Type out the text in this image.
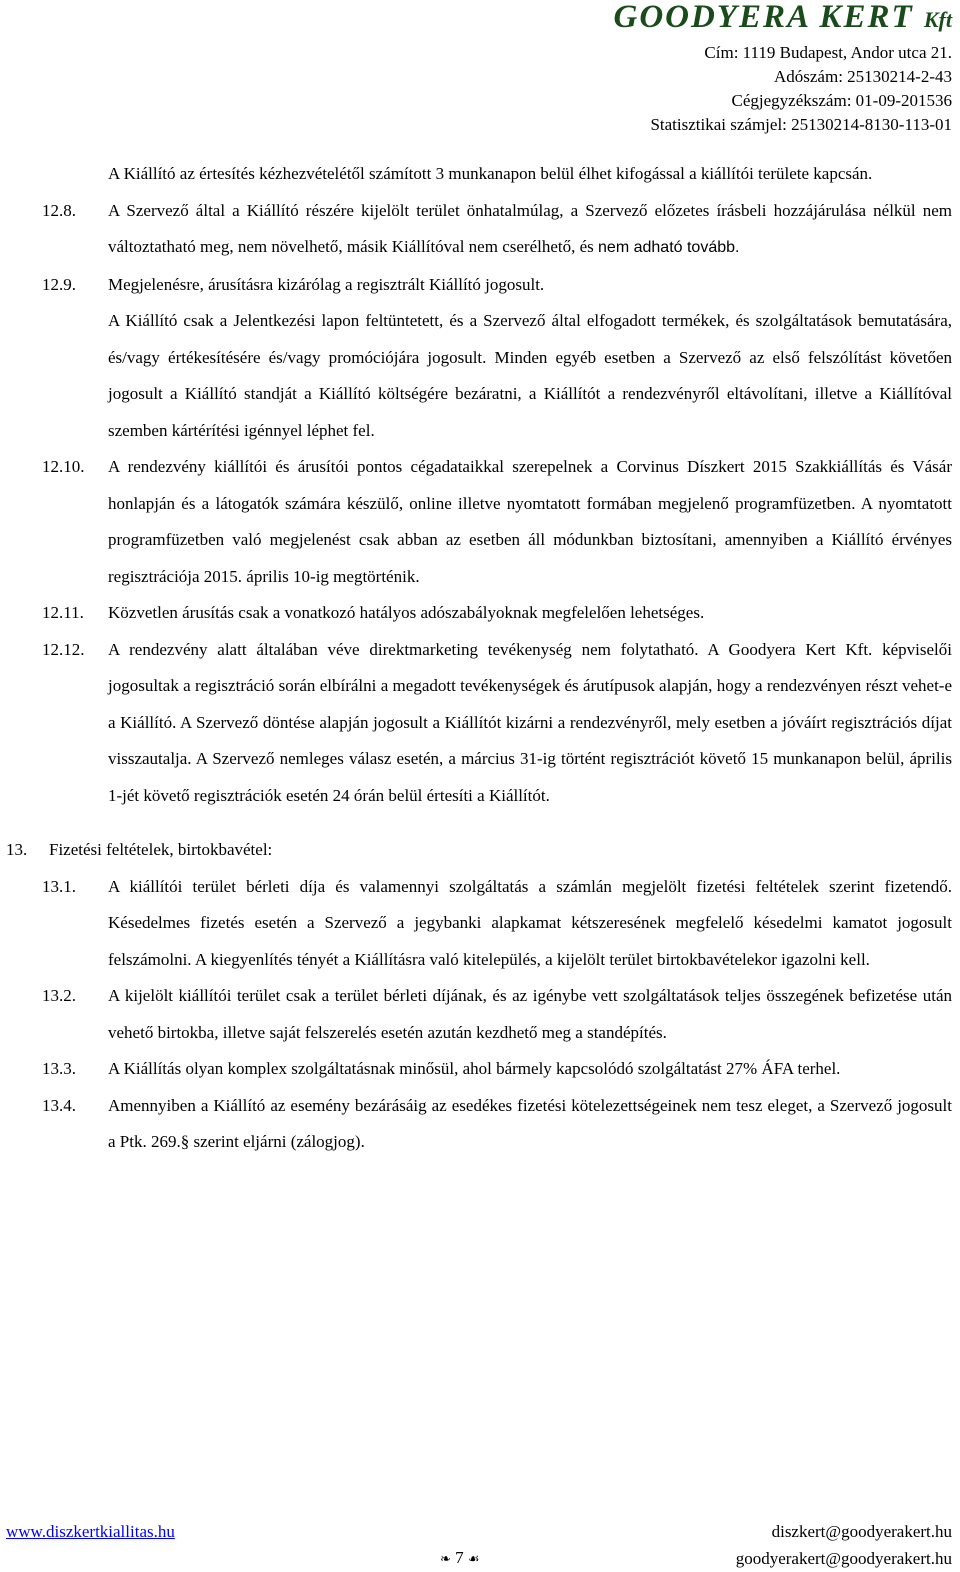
GOODYERA KERT Kft
Cím: 1119 Budapest, Andor utca 21.
Adószám: 25130214-2-43
Cégjegyzékszám: 01-09-201536
Statisztikai számjel: 25130214-8130-113-01
A Kiállító az értesítés kézhezvételétől számított 3 munkanapon belül élhet kifogással a kiállítói területe kapcsán.
12.8. A Szervező által a Kiállító részére kijelölt terület önhatalmúlag, a Szervező előzetes írásbeli hozzájárulása nélkül nem változtatható meg, nem növelhető, másik Kiállítóval nem cserélhető, és nem adható tovább.
12.9. Megjelenésre, árusításra kizárólag a regisztrált Kiállító jogosult.
A Kiállító csak a Jelentkezési lapon feltüntetett, és a Szervező által elfogadott termékek, és szolgáltatások bemutatására, és/vagy értékesítésére és/vagy promóciójára jogosult. Minden egyéb esetben a Szervező az első felszólítást követően jogosult a Kiállító standját a Kiállító költségére bezáratni, a Kiállítót a rendezvényről eltávolítani, illetve a Kiállítóval szemben kártérítési igénnyel léphet fel.
12.10. A rendezvény kiállítói és árusítói pontos cégadataikkal szerepelnek a Corvinus Díszkert 2015 Szakkiállítás és Vásár honlapján és a látogatók számára készülő, online illetve nyomtatott formában megjelenő programfüzetben. A nyomtatott programfüzetben való megjelenést csak abban az esetben áll módunkban biztosítani, amennyiben a Kiállító érvényes regisztrációja 2015. április 10-ig megtörténik.
12.11. Közvetlen árusítás csak a vonatkozó hatályos adószabályoknak megfelelően lehetséges.
12.12. A rendezvény alatt általában véve direktmarketing tevékenység nem folytatható. A Goodyera Kert Kft. képviselői jogosultak a regisztráció során elbírálni a megadott tevékenységek és árutípusok alapján, hogy a rendezvényen részt vehet-e a Kiállító. A Szervező döntése alapján jogosult a Kiállítót kizárni a rendezvényről, mely esetben a jóváírt regisztrációs díjat visszautalja. A Szervező nemleges válasz esetén, a március 31-ig történt regisztrációt követő 15 munkanapon belül, április 1-jét követő regisztrációk esetén 24 órán belül értesíti a Kiállítót.
13. Fizetési feltételek, birtokbavétel:
13.1. A kiállítói terület bérleti díja és valamennyi szolgáltatás a számlán megjelölt fizetési feltételek szerint fizetendő. Késedelmes fizetés esetén a Szervező a jegybanki alapkamat kétszeresének megfelelő késedelmi kamatot jogosult felszámolni. A kiegyenlítés tényét a Kiállításra való kitelepülés, a kijelölt terület birtokbavételekor igazolni kell.
13.2. A kijelölt kiállítói terület csak a terület bérleti díjának, és az igénybe vett szolgáltatások teljes összegének befizetése után vehető birtokba, illetve saját felszerelés esetén azután kezdhető meg a standépítés.
13.3. A Kiállítás olyan komplex szolgáltatásnak minősül, ahol bármely kapcsolódó szolgáltatást 27% ÁFA terhel.
13.4. Amennyiben a Kiállító az esemény bezárásáig az esedékes fizetési kötelezettségeinek nem tesz eleget, a Szervező jogosult a Ptk. 269.§ szerint eljárni (zálogjog).
www.diszkertkiallitas.hu	diszkert@goodyerakert.hu
goodyerakert@goodyerakert.hu
❧ 7 ☙
